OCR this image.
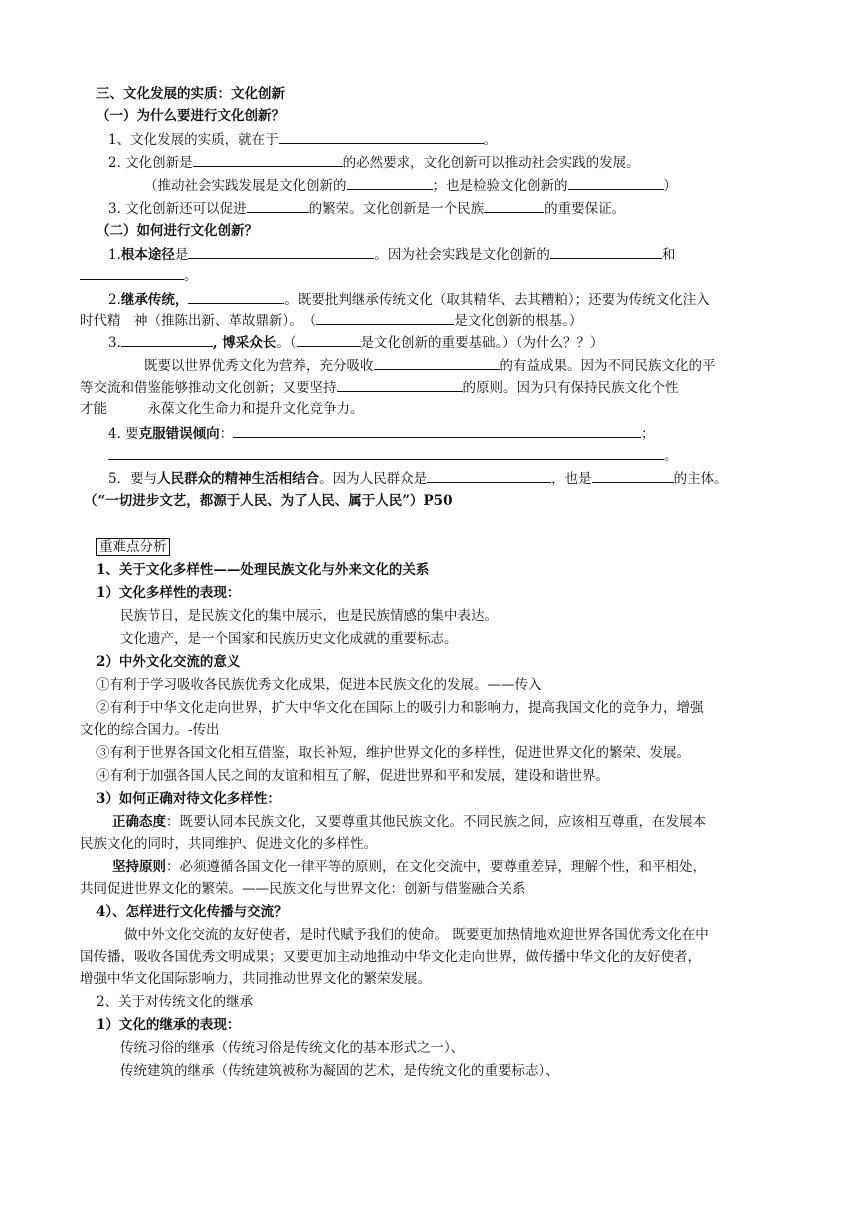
三、文化发展的实质：文化创新
（一）为什么要进行文化创新？
1、文化发展的实质，就在于	。
2. 文化创新是	的必然要求，文化创新可以推动社会实践的发展。
（推动社会实践发展是文化创新的	；也是检验文化创新的	）
3. 文化创新还可以促进	的繁荣。文化创新是一个民族	的重要保证。
（二）如何进行文化创新？
1.根本途径是	。因为社会实践是文化创新的	和
。
2.继承传统，	。既要批判继承传统文化（取其精华、去其糟粕）；还要为传统文化注入
时代精　神（推陈出新、革故鼎新）。　（	是文化创新的根基。）
3.	, 博采众长。（	是文化创新的重要基础。）（为什么？？）
既要以世界优秀文化为营养，充分吸收	的有益成果。因为不同民族文化的平
等交流和借鉴能够推动文化创新；又要坚持	的原则。因为只有保持民族文化个性
才能　　　永葆文化生命力和提升文化竞争力。
4. 要克服错误倾向：	；
。
5．要与人民群众的精神生活相结合。因为人民群众是	，也是	的主体。
（“一切进步文艺，都源于人民、为了人民、属于人民”）P50
重难点分析
1、关于文化多样性——处理民族文化与外来文化的关系
1）文化多样性的表现：
民族节日，是民族文化的集中展示，也是民族情感的集中表达。
文化遗产，是一个国家和民族历史文化成就的重要标志。
2）中外文化交流的意义
①有利于学习吸收各民族优秀文化成果，促进本民族文化的发展。——传入
②有利于中华文化走向世界，扩大中华文化在国际上的吸引力和影响力，提高我国文化的竞争力，增强
文化的综合国力。-传出
③有利于世界各国文化相互借鉴，取长补短，维护世界文化的多样性，促进世界文化的繁荣、发展。
④有利于加强各国人民之间的友谊和相互了解，促进世界和平和发展，建设和谐世界。
3）如何正确对待文化多样性：
正确态度：既要认同本民族文化，又要尊重其他民族文化。不同民族之间，应该相互尊重，在发展本
民族文化的同时，共同维护、促进文化的多样性。
坚持原则：必须遵循各国文化一律平等的原则，在文化交流中，要尊重差异，理解个性，和平相处，
共同促进世界文化的繁荣。——民族文化与世界文化：创新与借鉴融合关系
4）、怎样进行文化传播与交流？
做中外文化交流的友好使者，是时代赋予我们的使命。 既要更加热情地欢迎世界各国优秀文化在中
国传播，吸收各国优秀文明成果；又要更加主动地推动中华文化走向世界，做传播中华文化的友好使者，
增强中华文化国际影响力，共同推动世界文化的繁荣发展。
2、关于对传统文化的继承
1）文化的继承的表现：
传统习俗的继承（传统习俗是传统文化的基本形式之一）、
传统建筑的继承（传统建筑被称为凝固的艺术，是传统文化的重要标志）、
